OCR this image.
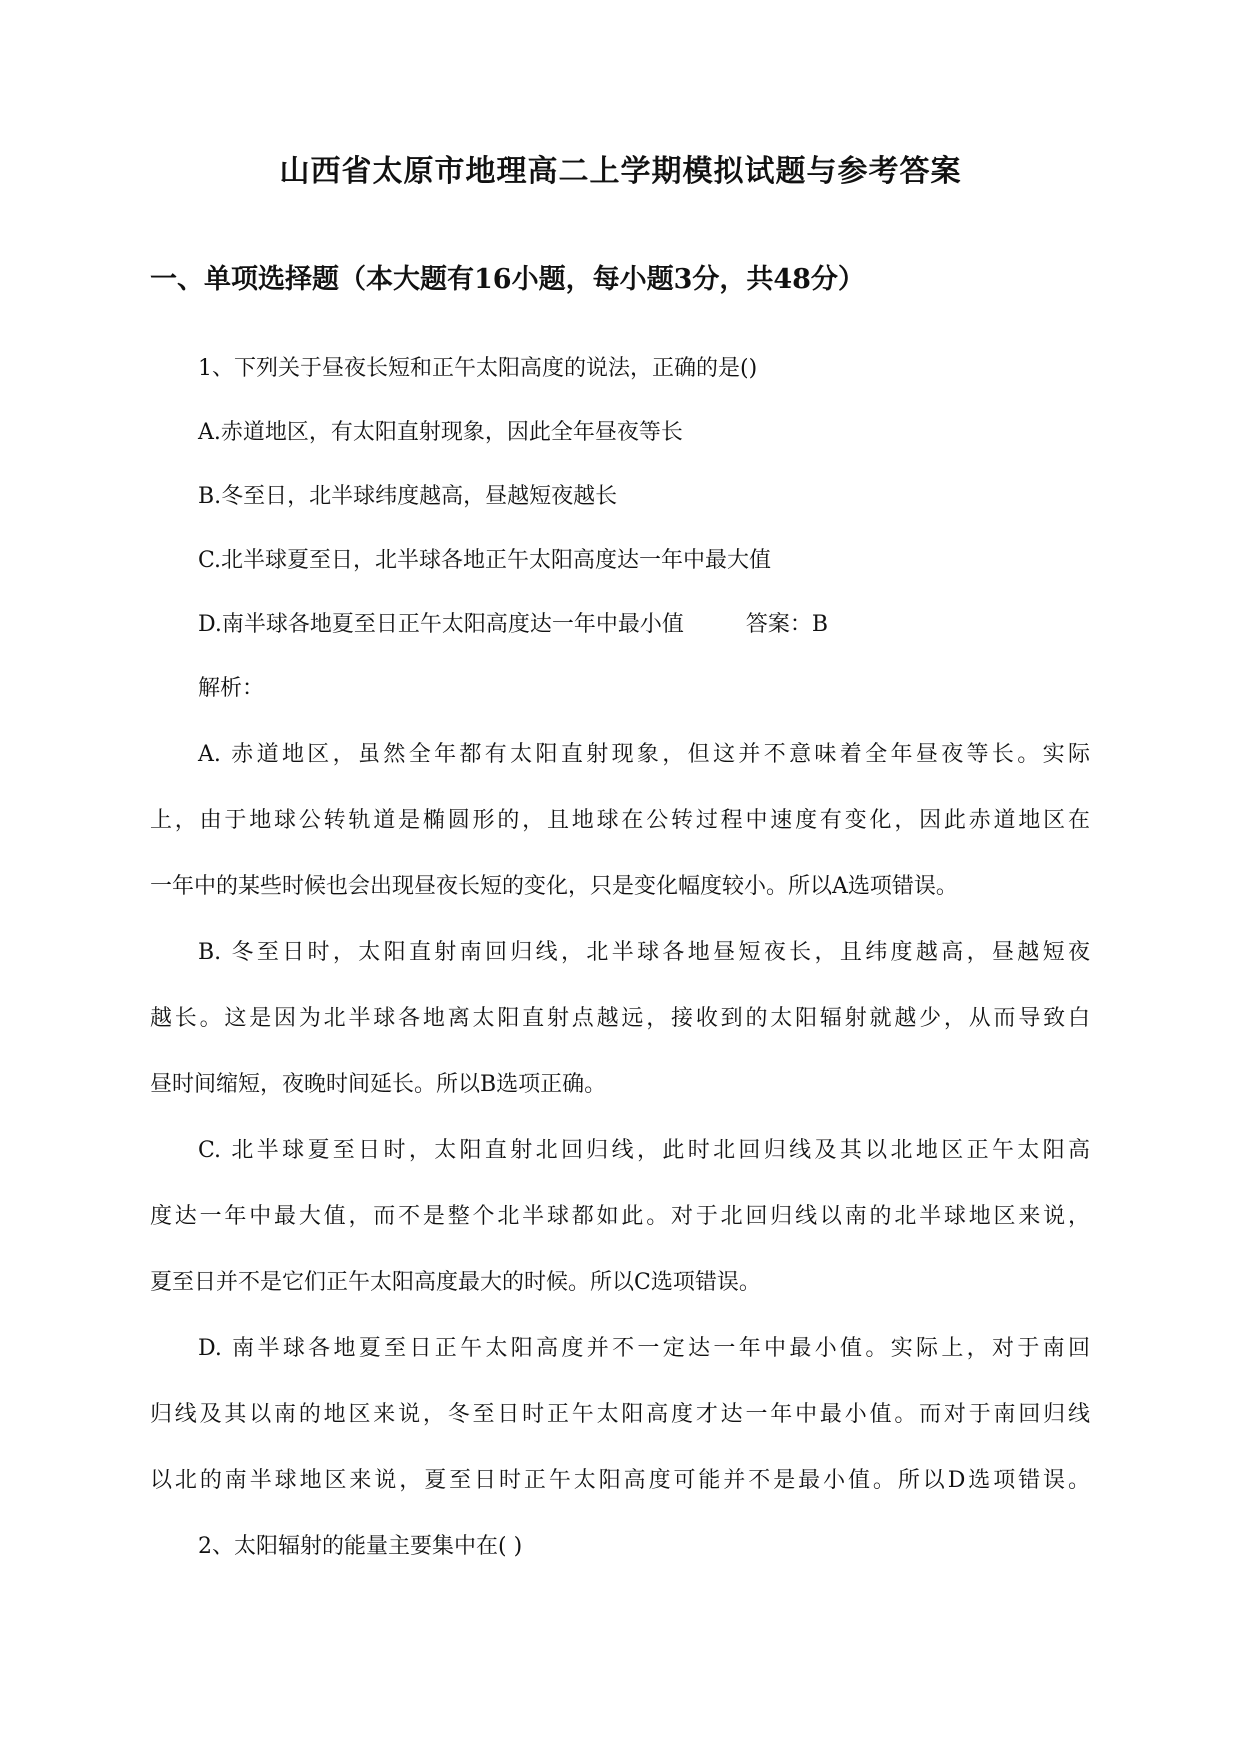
山西省太原市地理高二上学期模拟试题与参考答案
一、单项选择题（本大题有16小题，每小题3分，共48分）
1、下列关于昼夜长短和正午太阳高度的说法，正确的是()
A.赤道地区，有太阳直射现象，因此全年昼夜等长
B.冬至日，北半球纬度越高，昼越短夜越长
C.北半球夏至日，北半球各地正午太阳高度达一年中最大值
D.南半球各地夏至日正午太阳高度达一年中最小值	答案：B
解析：
A. 赤道地区，虽然全年都有太阳直射现象，但这并不意味着全年昼夜等长。实际
上，由于地球公转轨道是椭圆形的，且地球在公转过程中速度有变化，因此赤道地区在
一年中的某些时候也会出现昼夜长短的变化，只是变化幅度较小。所以A选项错误。
B. 冬至日时，太阳直射南回归线，北半球各地昼短夜长，且纬度越高，昼越短夜
越长。这是因为北半球各地离太阳直射点越远，接收到的太阳辐射就越少，从而导致白
昼时间缩短，夜晚时间延长。所以B选项正确。
C. 北半球夏至日时，太阳直射北回归线，此时北回归线及其以北地区正午太阳高
度达一年中最大值，而不是整个北半球都如此。对于北回归线以南的北半球地区来说，
夏至日并不是它们正午太阳高度最大的时候。所以C选项错误。
D. 南半球各地夏至日正午太阳高度并不一定达一年中最小值。实际上，对于南回
归线及其以南的地区来说，冬至日时正午太阳高度才达一年中最小值。而对于南回归线
以北的南半球地区来说，夏至日时正午太阳高度可能并不是最小值。所以D选项错误。
2、太阳辐射的能量主要集中在( )
